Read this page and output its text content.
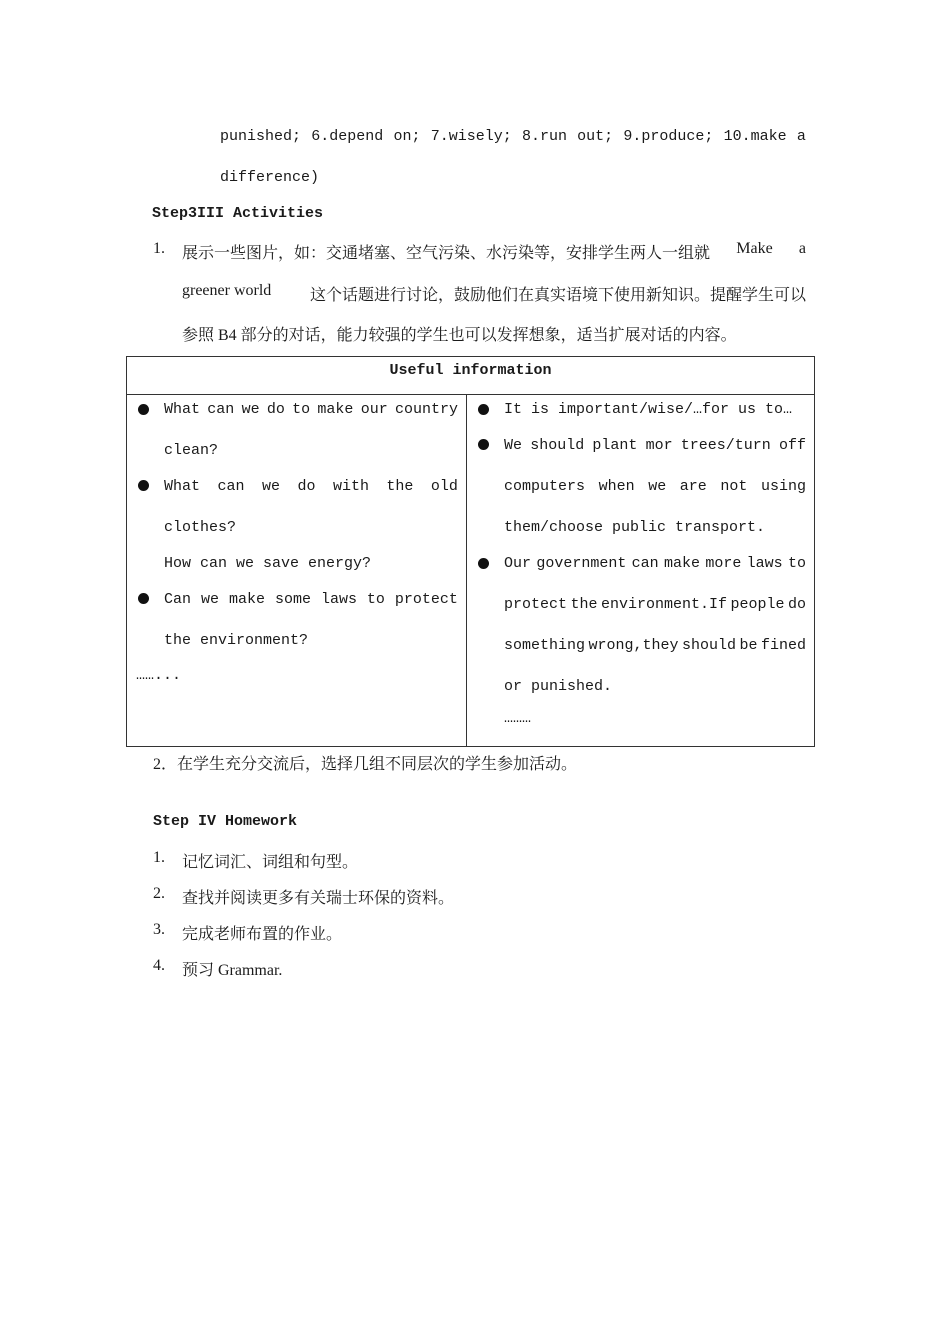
punished; 6.depend on; 7.wisely; 8.run out; 9.produce; 10.make a
difference)
Step3III Activities
1. 展示一些图片，如：交通堵塞、空气污染、水污染等，安排学生两人一组就 Make a
greener world 这个话题进行讨论，鼓励他们在真实语境下使用新知识。提醒学生可以
参照 B4 部分的对话，能力较强的学生也可以发挥想象，适当扩展对话的内容。
Useful information
What can we do to make our country
clean?
What can we do with the old
clothes?
How can we save energy?
Can we make some laws to protect
the environment?
……...
It is important/wise/…for us to…
We should plant mor trees/turn off
computers when we are not using
them/choose public transport.
Our government can make more laws to
protect the environment.If people do
something wrong,they should be fined
or punished.
………
2．在学生充分交流后，选择几组不同层次的学生参加活动。
Step IV Homework
1. 记忆词汇、词组和句型。
2. 查找并阅读更多有关瑞士环保的资料。
3. 完成老师布置的作业。
4. 预习 Grammar.
